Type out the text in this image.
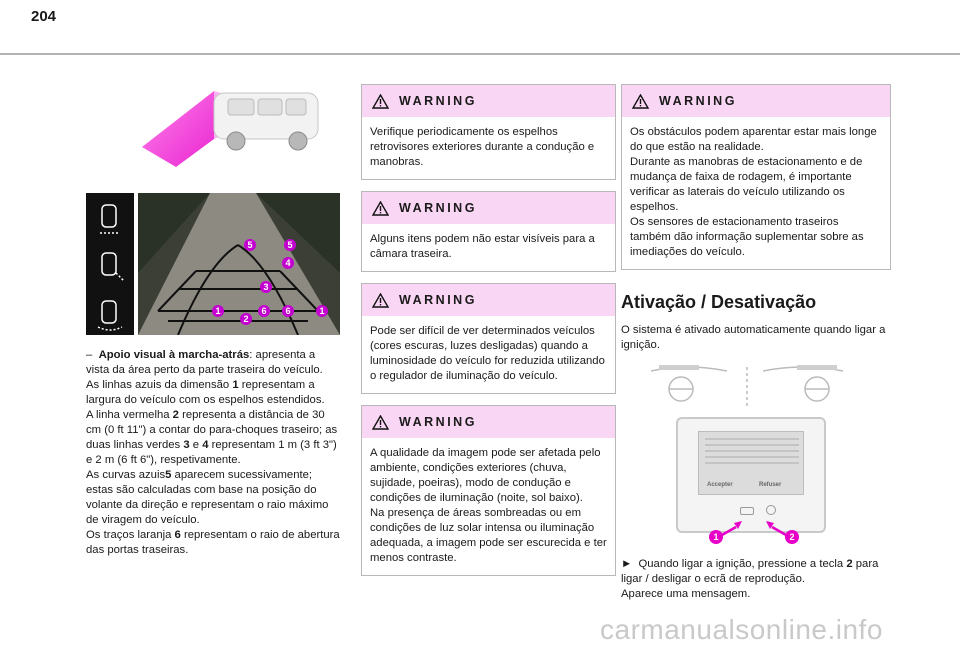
204
5	5
4
3
1
2
6 6	1

– Apoio visual à marcha-atrás: apresenta a vista da área perto da parte traseira do veículo.

As linhas azuis da dimensão 1 representam a largura do veículo com os espelhos estendidos.

A linha vermelha 2 representa a distância de 30 cm (0 ft 11") a contar do para-choques traseiro; as duas linhas verdes 3 e 4 representam 1 m (3 ft 3") e 2 m (6 ft 6"), respetivamente.

As curvas azuis5 aparecem sucessivamente; estas são calculadas com base na posição do volante da direção e representam o raio máximo de viragem do veículo.

Os traços laranja 6 representam o raio de abertura das portas traseiras.

WARNING
Verifique periodicamente os espelhos retrovisores exteriores durante a condução e manobras.
WARNING
Alguns itens podem não estar visíveis para a câmara traseira.
WARNING
Pode ser difícil de ver determinados veículos (cores escuras, luzes desligadas) quando a luminosidade do veículo for reduzida utilizando o regulador de iluminação do veículo.
WARNING
A qualidade da imagem pode ser afetada pelo ambiente, condições exteriores (chuva, sujidade, poeiras), modo de condução e condições de iluminação (noite, sol baixo).
Na presença de áreas sombreadas ou em condições de luz solar intensa ou iluminação adequada, a imagem pode ser escurecida e ter menos contraste.
WARNING
Os obstáculos podem aparentar estar mais longe do que estão na realidade.
Durante as manobras de estacionamento e de mudança de faixa de rodagem, é importante verificar as laterais do veículo utilizando os espelhos.
Os sensores de estacionamento traseiros também dão informação suplementar sobre as imediações do veículo.
Ativação / Desativação
O sistema é ativado automaticamente quando ligar a ignição.
Accepter	Refuser
1	2

► Quando ligar a ignição, pressione a tecla 2 para ligar / desligar o ecrã de reprodução.

Aparece uma mensagem.

carmanualsonline.info
